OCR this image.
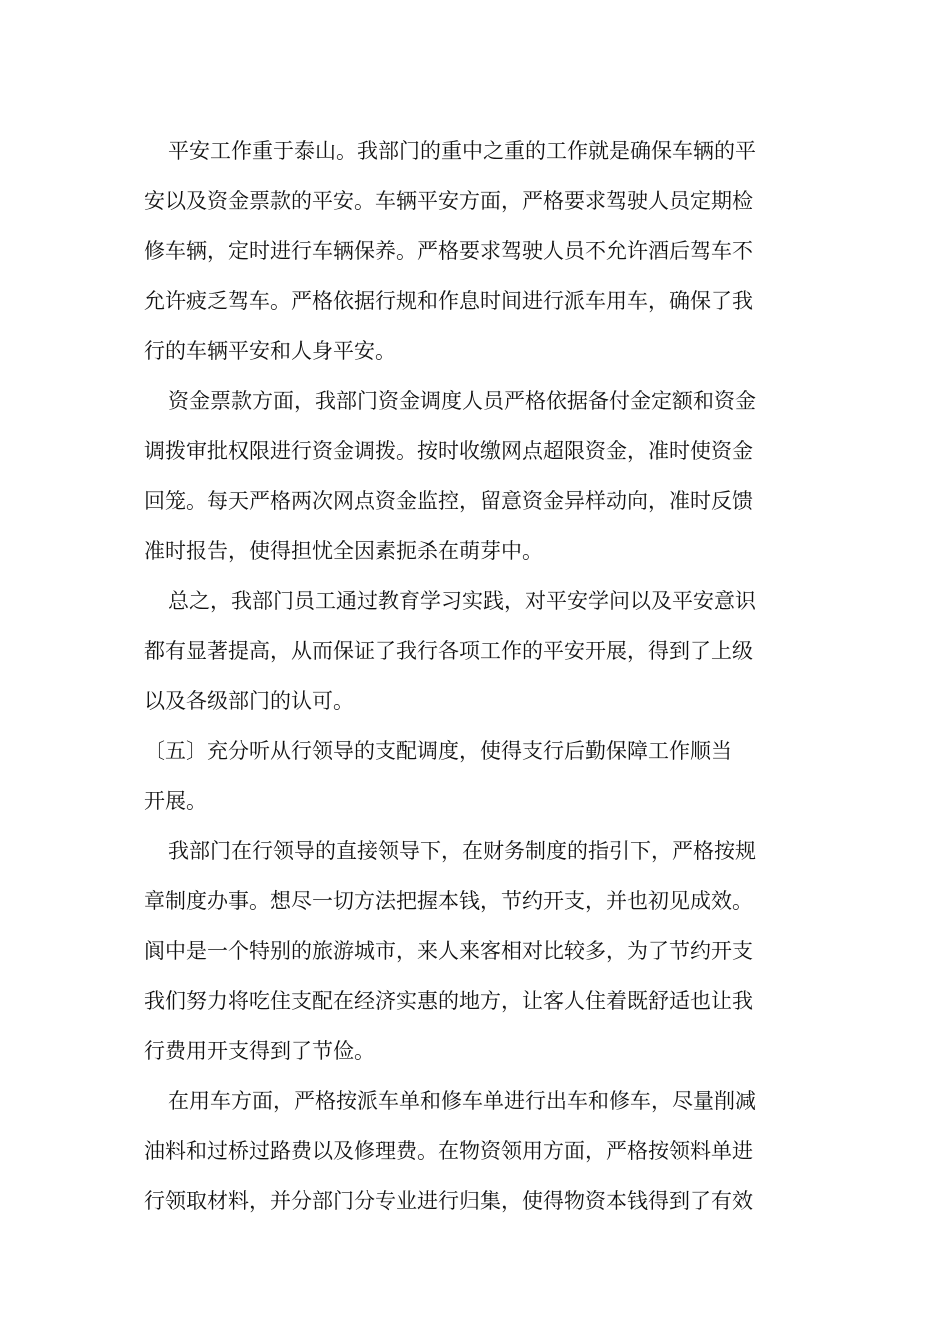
平安工作重于泰山。我部门的重中之重的工作就是确保车辆的平
安以及资金票款的平安。车辆平安方面，严格要求驾驶人员定期检
修车辆，定时进行车辆保养。严格要求驾驶人员不允许酒后驾车不
允许疲乏驾车。严格依据行规和作息时间进行派车用车，确保了我
行的车辆平安和人身平安。
资金票款方面，我部门资金调度人员严格依据备付金定额和资金
调拨审批权限进行资金调拨。按时收缴网点超限资金，准时使资金
回笼。每天严格两次网点资金监控，留意资金异样动向，准时反馈
准时报告，使得担忧全因素扼杀在萌芽中。
总之，我部门员工通过教育学习实践，对平安学问以及平安意识
都有显著提高，从而保证了我行各项工作的平安开展，得到了上级
以及各级部门的认可。
〔五〕充分听从行领导的支配调度，使得支行后勤保障工作顺当
开展。
我部门在行领导的直接领导下，在财务制度的指引下，严格按规
章制度办事。想尽一切方法把握本钱，节约开支，并也初见成效。
阆中是一个特别的旅游城市，来人来客相对比较多，为了节约开支
我们努力将吃住支配在经济实惠的地方，让客人住着既舒适也让我
行费用开支得到了节俭。
在用车方面，严格按派车单和修车单进行出车和修车，尽量削减
油料和过桥过路费以及修理费。在物资领用方面，严格按领料单进
行领取材料，并分部门分专业进行归集，使得物资本钱得到了有效
